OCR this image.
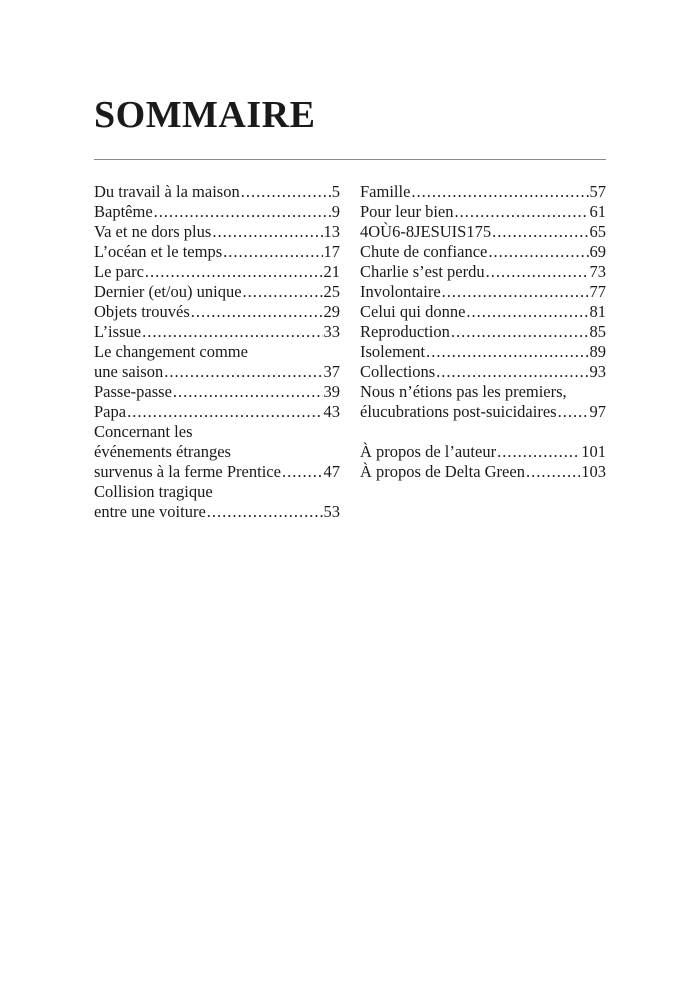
SOMMAIRE
Du travail à la maison .....	5
Baptême .....	9
Va et ne dors plus .....	13
L’océan et le temps .....	17
Le parc .....	21
Dernier (et/ou) unique .....	25
Objets trouvés .....	29
L’issue .....	33
Le changement comme
une saison .....	37
Passe-passe .....	39
Papa .....	43
Concernant les
événements étranges
survenus à la ferme Prentice .....	47
Collision tragique
entre une voiture .....	53
Famille .....	57
Pour leur bien .....	61
4OÙ6-8JESUIS175 .....	65
Chute de confiance .....	69
Charlie s’est perdu .....	73
Involontaire .....	77
Celui qui donne .....	81
Reproduction .....	85
Isolement .....	89
Collections .....	93
Nous n’étions pas les premiers,
élucubrations post-suicidaires ..... 97
À propos de l’auteur .....	101
À propos de Delta Green .....	103
